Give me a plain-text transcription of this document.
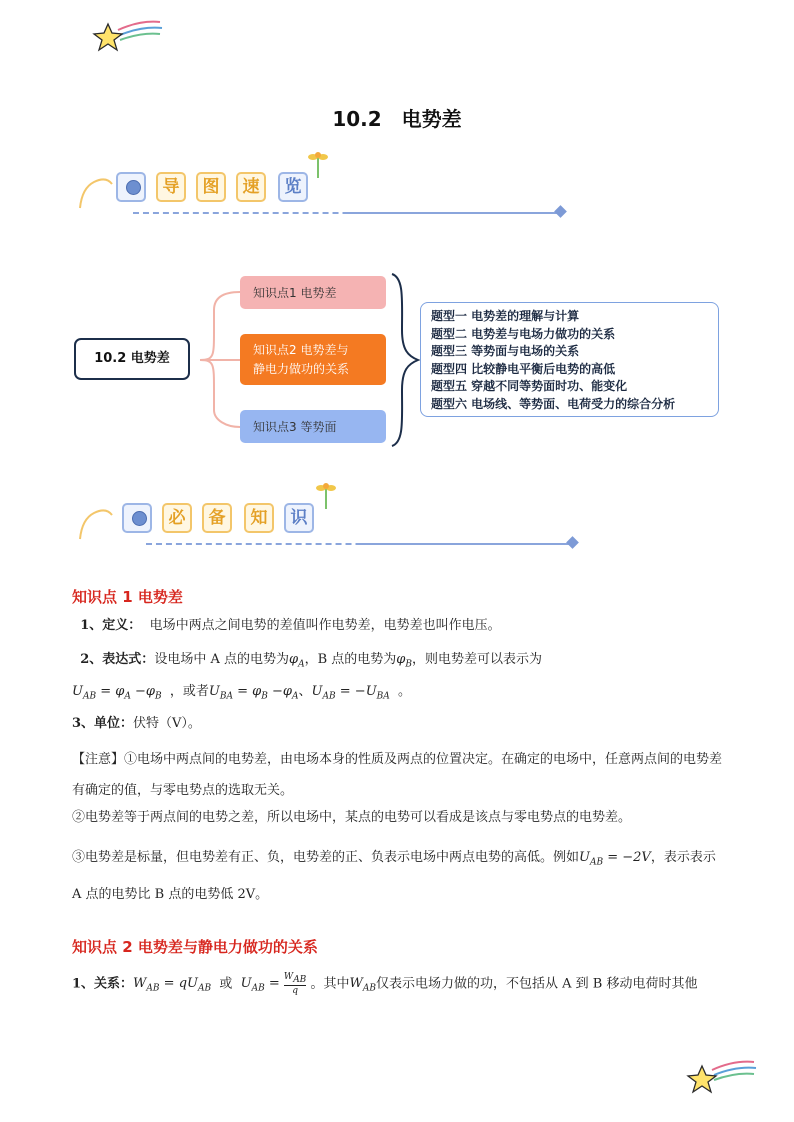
10.2　电势差
导	图	速	览
10.2 电势差
知识点1 电势差
知识点2 电势差与
静电力做功的关系
知识点3 等势面
题型一 电势差的理解与计算
题型二 电势差与电场力做功的关系
题型三 等势面与电场的关系
题型四 比较静电平衡后电势的高低
题型五 穿越不同等势面时功、能变化
题型六 电场线、等势面、电荷受力的综合分析
必	备	知	识
知识点 1 电势差
1、定义： 电场中两点之间电势的差值叫作电势差，电势差也叫作电压。
2、表达式：设电场中 A 点的电势为$\varphi_A$，B 点的电势为$\varphi_B$，则电势差可以表示为
$U_{AB} = \varphi_A -\varphi_B$ ，或者$U_{BA} = \varphi_B -\varphi_A$、$U_{AB} = -U_{BA}$ 。
3、单位：伏特（V）。
【注意】①电场中两点间的电势差，由电场本身的性质及两点的位置决定。在确定的电场中，任意两点间的电势差有确定的值，与零电势点的选取无关。
②电势差等于两点间的电势之差，所以电场中，某点的电势可以看成是该点与零电势点的电势差。
③电势差是标量，但电势差有正、负，电势差的正、负表示电场中两点电势的高低。例如$U_{AB} = -2V$，表示表示 A 点的电势比 B 点的电势低 2V。
知识点 2 电势差与静电力做功的关系
1、关系：$W_{AB} = qU_{AB}$ 或 $U_{AB} = W_{AB}$
q 。其中$W_{AB}$仅表示电场力做的功，不包括从 A 到 B 移动电荷时其他
